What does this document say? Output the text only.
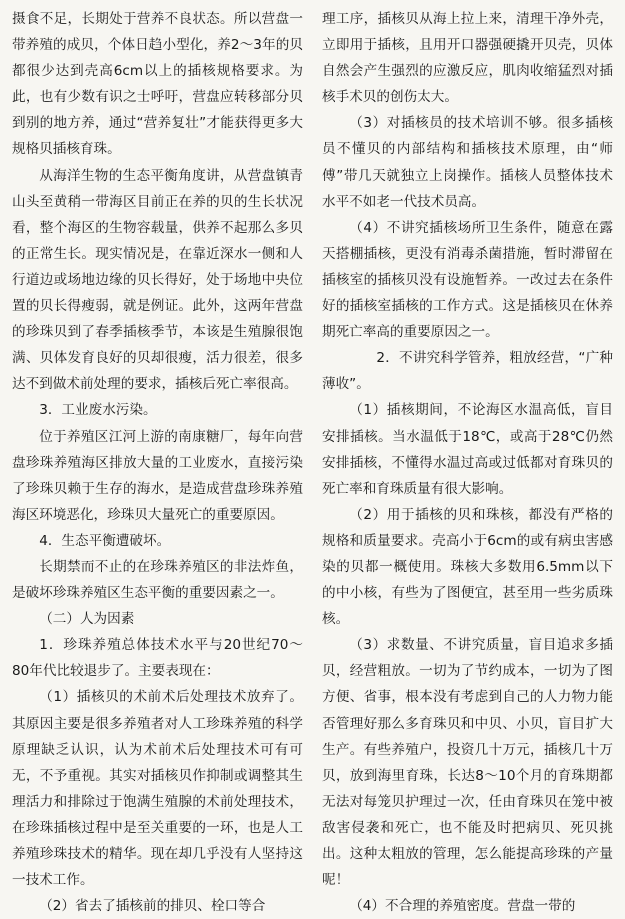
摄食不足，长期处于营养不良状态。所以营盘一带养殖的成贝，个体日趋小型化，养2～3年的贝都很少达到壳高6cm以上的插核规格要求。为此，也有少数有识之士呼吁，营盘应转移部分贝到别的地方养，通过“营养复壮”才能获得更多大规格贝插核育珠。

从海洋生物的生态平衡角度讲，从营盘镇青山头至黄稍一带海区目前正在养的贝的生长状况看，整个海区的生物容载量，供养不起那么多贝的正常生长。现实情况是，在靠近深水一侧和人行道边或场地边缘的贝长得好，处于场地中央位置的贝长得瘦弱，就是例证。此外，这两年营盘的珍珠贝到了春季插核季节，本该是生殖腺很饱满、贝体发育良好的贝却很瘦，活力很差，很多达不到做术前处理的要求，插核后死亡率很高。

3．工业废水污染。

位于养殖区江河上游的南康糖厂，每年向营盘珍珠养殖海区排放大量的工业废水，直接污染了珍珠贝赖于生存的海水，是造成营盘珍珠养殖海区环境恶化，珍珠贝大量死亡的重要原因。

4．生态平衡遭破坏。

长期禁而不止的在珍珠养殖区的非法炸鱼，是破坏珍珠养殖区生态平衡的重要因素之一。

（二）人为因素

1．珍珠养殖总体技术水平与20世纪70～80年代比较退步了。主要表现在：

（1）插核贝的术前术后处理技术放弃了。其原因主要是很多养殖者对人工珍珠养殖的科学原理缺乏认识，认为术前术后处理技术可有可无，不予重视。其实对插核贝作抑制或调整其生理活力和排除过于饱满生殖腺的术前处理技术，在珍珠插核过程中是至关重要的一环，也是人工养殖珍珠技术的精华。现在却几乎没有人坚持这一技术工作。

（2）省去了插核前的排贝、栓口等合

理工序，插核贝从海上拉上来，清理干净外壳，立即用于插核，且用开口器强硬撬开贝壳，贝体自然会产生强烈的应激反应，肌肉收缩猛烈对插核手术贝的创伤太大。

（3）对插核员的技术培训不够。很多插核员不懂贝的内部结构和插核技术原理，由“师傅”带几天就独立上岗操作。插核人员整体技术水平不如老一代技术员高。

（4）不讲究插核场所卫生条件，随意在露天搭棚插核，更没有消毒杀菌措施，暂时滞留在插核室的插核贝没有设施暂养。一改过去在条件好的插核室插核的工作方式。这是插核贝在休养期死亡率高的重要原因之一。

2．不讲究科学管养，粗放经营，“广种薄收”。

（1）插核期间，不论海区水温高低，盲目安排插核。当水温低于18℃，或高于28℃仍然安排插核，不懂得水温过高或过低都对育珠贝的死亡率和育珠质量有很大影响。

（2）用于插核的贝和珠核，都没有严格的规格和质量要求。壳高小于6cm的或有病虫害感染的贝都一概使用。珠核大多数用6.5mm以下的中小核，有些为了图便宜，甚至用一些劣质珠核。

（3）求数量、不讲究质量，盲目追求多插贝，经营粗放。一切为了节约成本，一切为了图方便、省事，根本没有考虑到自己的人力物力能否管理好那么多育珠贝和中贝、小贝，盲目扩大生产。有些养殖户，投资几十万元，插核几十万贝，放到海里育珠，长达8～10个月的育珠期都无法对每笼贝护理过一次，任由育珠贝在笼中被敌害侵袭和死亡，也不能及时把病贝、死贝挑出。这种太粗放的管理，怎么能提高珍珠的产量呢！

（4）不合理的养殖密度。营盘一带的
